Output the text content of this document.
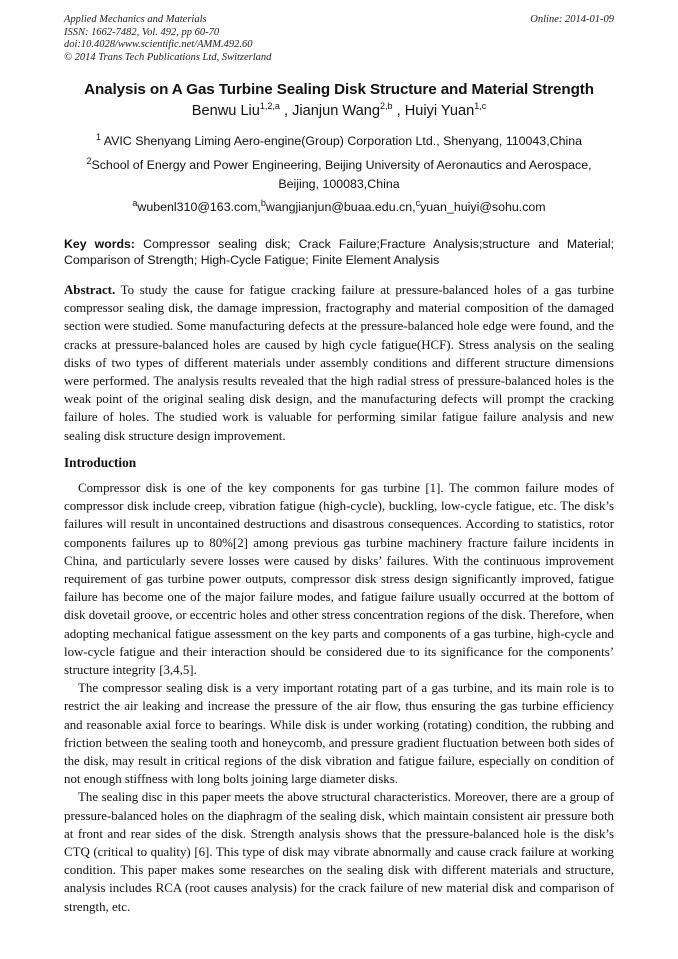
Applied Mechanics and Materials
ISSN: 1662-7482, Vol. 492, pp 60-70
doi:10.4028/www.scientific.net/AMM.492.60
© 2014 Trans Tech Publications Ltd, Switzerland
Online: 2014-01-09
Analysis on A Gas Turbine Sealing Disk Structure and Material Strength
Benwu Liu$^{1,2,a}$ , Jianjun Wang$^{2,b}$ , Huiyi Yuan$^{1,c}$
$^1$ AVIC Shenyang Liming Aero-engine(Group) Corporation Ltd., Shenyang, 110043,China
$^2$School of Energy and Power Engineering, Beijing University of Aeronautics and Aerospace,
Beijing, 100083,China
$^a$wubenl310@163.com,$^b$wangjianjun@buaa.edu.cn,$^c$yuan_huiyi@sohu.com
Key words: Compressor sealing disk; Crack Failure;Fracture Analysis;structure and Material; Comparison of Strength; High-Cycle Fatigue; Finite Element Analysis

Abstract. To study the cause for fatigue cracking failure at pressure-balanced holes of a gas turbine compressor sealing disk, the damage impression, fractography and material composition of the damaged section were studied. Some manufacturing defects at the pressure-balanced hole edge were found, and the cracks at pressure-balanced holes are caused by high cycle fatigue(HCF). Stress analysis on the sealing disks of two types of different materials under assembly conditions and different structure dimensions were performed. The analysis results revealed that the high radial stress of pressure-balanced holes is the weak point of the original sealing disk design, and the manufacturing defects will prompt the cracking failure of holes. The studied work is valuable for performing similar fatigue failure analysis and new sealing disk structure design improvement.

Introduction

Compressor disk is one of the key components for gas turbine [1]. The common failure modes of compressor disk include creep, vibration fatigue (high-cycle), buckling, low-cycle fatigue, etc. The disk’s failures will result in uncontained destructions and disastrous consequences. According to statistics, rotor components failures up to 80%[2] among previous gas turbine machinery fracture failure incidents in China, and particularly severe losses were caused by disks’ failures. With the continuous improvement requirement of gas turbine power outputs, compressor disk stress design significantly improved, fatigue failure has become one of the major failure modes, and fatigue failure usually occurred at the bottom of disk dovetail groove, or eccentric holes and other stress concentration regions of the disk. Therefore, when adopting mechanical fatigue assessment on the key parts and components of a gas turbine, high-cycle and low-cycle fatigue and their interaction should be considered due to its significance for the components’ structure integrity [3,4,5].

The compressor sealing disk is a very important rotating part of a gas turbine, and its main role is to restrict the air leaking and increase the pressure of the air flow, thus ensuring the gas turbine efficiency and reasonable axial force to bearings. While disk is under working (rotating) condition, the rubbing and friction between the sealing tooth and honeycomb, and pressure gradient fluctuation between both sides of the disk, may result in critical regions of the disk vibration and fatigue failure, especially on condition of not enough stiffness with long bolts joining large diameter disks.

The sealing disc in this paper meets the above structural characteristics. Moreover, there are a group of pressure-balanced holes on the diaphragm of the sealing disk, which maintain consistent air pressure both at front and rear sides of the disk. Strength analysis shows that the pressure-balanced hole is the disk’s CTQ (critical to quality) [6]. This type of disk may vibrate abnormally and cause crack failure at working condition. This paper makes some researches on the sealing disk with different materials and structure, analysis includes RCA (root causes analysis) for the crack failure of new material disk and comparison of strength, etc.
